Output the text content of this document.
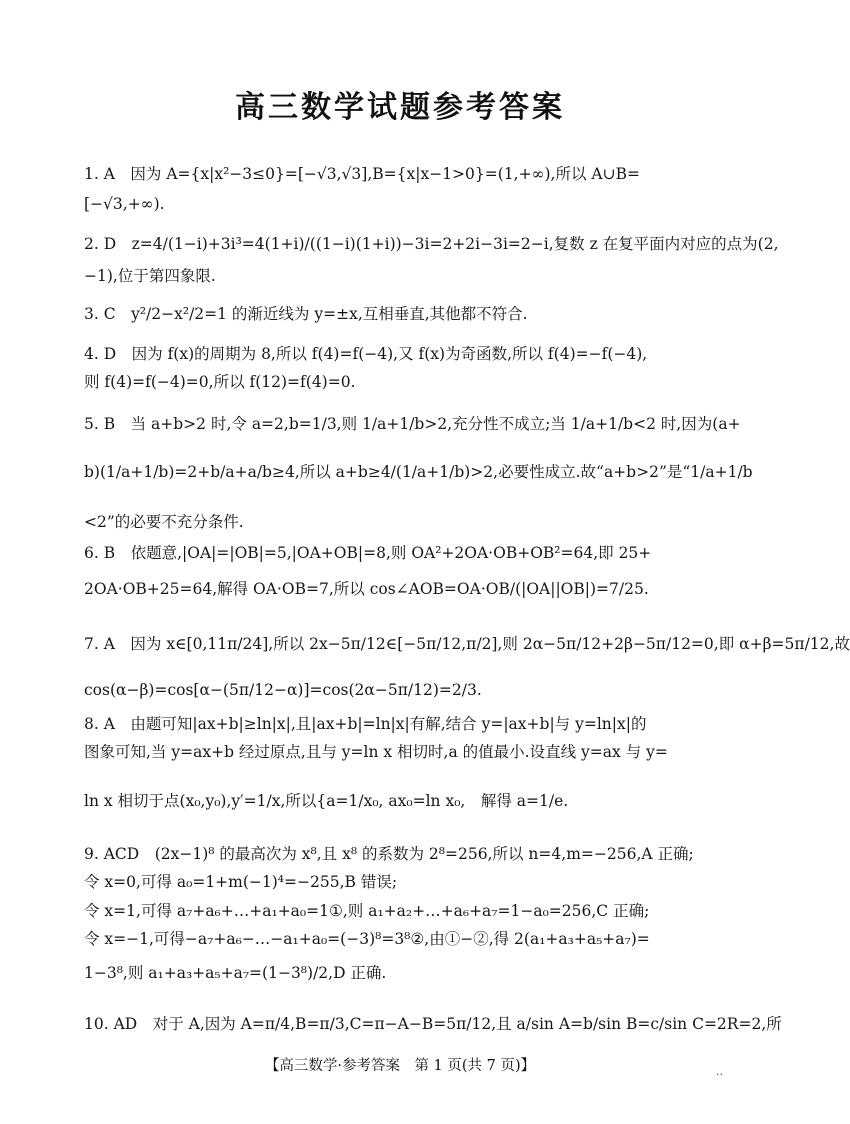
高三数学试题参考答案
1. A　因为 A={x|x²−3≤0}=[−√3,√3],B={x|x−1>0}=(1,+∞),所以 A∪B=
[−√3,+∞).
2. D　z=4/(1−i)+3i³=4(1+i)/((1−i)(1+i))−3i=2+2i−3i=2−i,复数 z 在复平面内对应的点为(2,
−1),位于第四象限.
3. C　y²/2−x²/2=1 的渐近线为 y=±x,互相垂直,其他都不符合.
4. D　因为 f(x)的周期为 8,所以 f(4)=f(−4),又 f(x)为奇函数,所以 f(4)=−f(−4),
则 f(4)=f(−4)=0,所以 f(12)=f(4)=0.
5. B　当 a+b>2 时,令 a=2,b=1/3,则 1/a+1/b>2,充分性不成立;当 1/a+1/b<2 时,因为(a+
b)(1/a+1/b)=2+b/a+a/b≥4,所以 a+b≥4/(1/a+1/b)>2,必要性成立.故“a+b>2”是“1/a+1/b
<2”的必要不充分条件.
6. B　依题意,|OA|=|OB|=5,|OA+OB|=8,则 OA²+2OA·OB+OB²=64,即 25+
2OA·OB+25=64,解得 OA·OB=7,所以 cos∠AOB=OA·OB/(|OA||OB|)=7/25.
7. A　因为 x∈[0,11π/24],所以 2x−5π/12∈[−5π/12,π/2],则 2α−5π/12+2β−5π/12=0,即 α+β=5π/12,故
cos(α−β)=cos[α−(5π/12−α)]=cos(2α−5π/12)=2/3.
8. A　由题可知|ax+b|≥ln|x|,且|ax+b|=ln|x|有解,结合 y=|ax+b|与 y=ln|x|的
图象可知,当 y=ax+b 经过原点,且与 y=ln x 相切时,a 的值最小.设直线 y=ax 与 y=
ln x 相切于点(x₀,y₀),y′=1/x,所以{a=1/x₀, ax₀=ln x₀,　解得 a=1/e.
9. ACD　(2x−1)⁸ 的最高次为 x⁸,且 x⁸ 的系数为 2⁸=256,所以 n=4,m=−256,A 正确;
令 x=0,可得 a₀=1+m(−1)⁴=−255,B 错误;
令 x=1,可得 a₇+a₆+…+a₁+a₀=1①,则 a₁+a₂+…+a₆+a₇=1−a₀=256,C 正确;
令 x=−1,可得−a₇+a₆−…−a₁+a₀=(−3)⁸=3⁸②,由①−②,得 2(a₁+a₃+a₅+a₇)=
1−3⁸,则 a₁+a₃+a₅+a₇=(1−3⁸)/2,D 正确.
10. AD　对于 A,因为 A=π/4,B=π/3,C=π−A−B=5π/12,且 a/sin A=b/sin B=c/sin C=2R=2,所
【高三数学·参考答案　第 1 页(共 7 页)】
··
